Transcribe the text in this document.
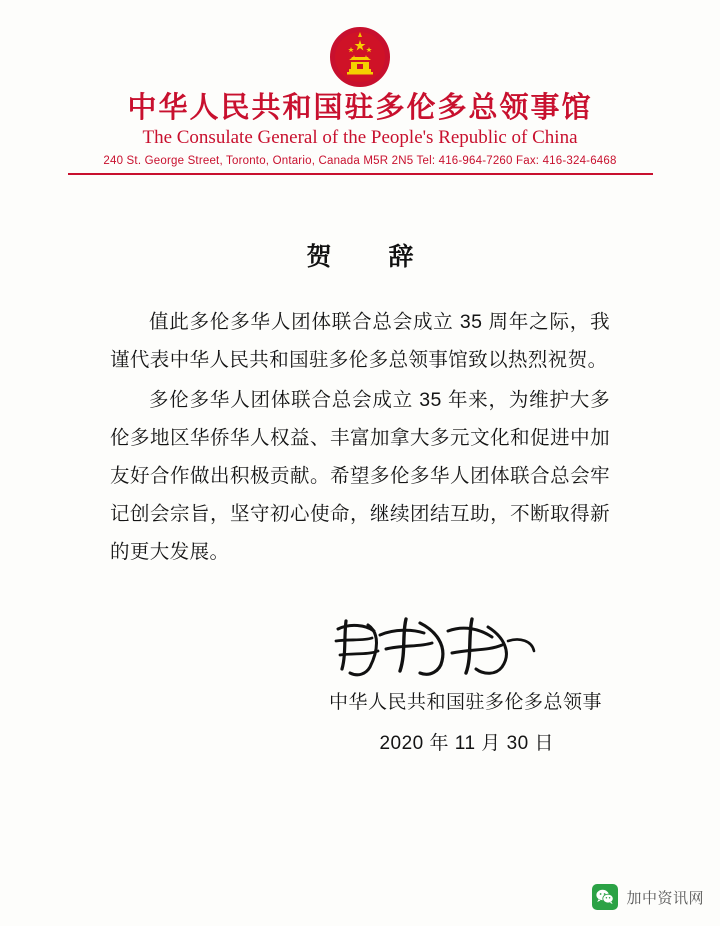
中华人民共和国驻多伦多总领事馆
The Consulate General of the People's Republic of China
240 St. George Street, Toronto, Ontario, Canada M5R 2N5 Tel: 416-964-7260 Fax: 416-324-6468
贺　辞

值此多伦多华人团体联合总会成立 35 周年之际，我谨代表中华人民共和国驻多伦多总领事馆致以热烈祝贺。

多伦多华人团体联合总会成立 35 年来，为维护大多伦多地区华侨华人权益、丰富加拿大多元文化和促进中加友好合作做出积极贡献。希望多伦多华人团体联合总会牢记创会宗旨，坚守初心使命，继续团结互助，不断取得新的更大发展。

中华人民共和国驻多伦多总领事
2020 年 11 月 30 日
加中资讯网
